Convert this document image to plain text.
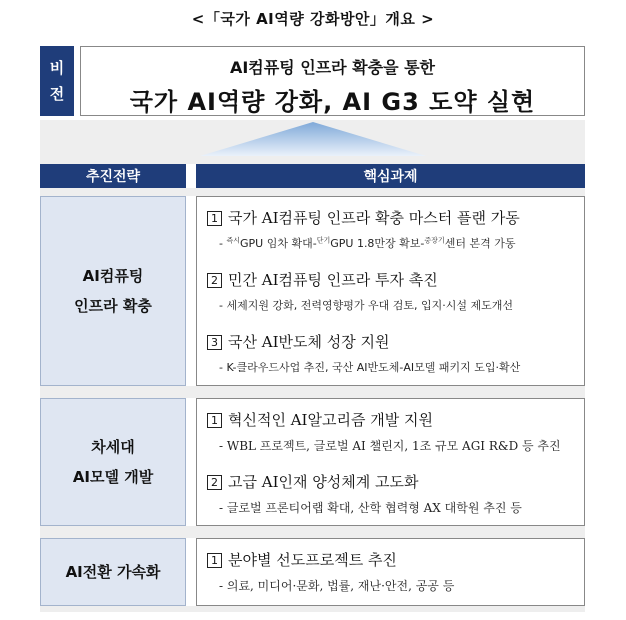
<「국가 AI역량 강화방안」개요 >
비
전
AI컴퓨팅 인프라 확충을 통한
국가 AI역량 강화, AI G3 도약 실현
추진전략	핵심과제
AI컴퓨팅
인프라 확충
1 국가 AI컴퓨팅 인프라 확충 마스터 플랜 가동
- $^{즉시}$GPU 임차 확대-$^{단기}$GPU 1.8만장 확보-$^{중장기}$센터 본격 가동
2 민간 AI컴퓨팅 인프라 투자 촉진
- 세제지원 강화, 전력영향평가 우대 검토, 입지·시설 제도개선
3 국산 AI반도체 성장 지원
- K-클라우드사업 추진, 국산 AI반도체-AI모델 패키지 도입·확산
차세대
AI모델 개발
1 혁신적인 AI알고리즘 개발 지원
- WBL 프로젝트, 글로벌 AI 챌린지, 1조 규모 AGI R&D 등 추진
2 고급 AI인재 양성체계 고도화
- 글로벌 프론티어랩 확대, 산학 협력형 AX 대학원 추진 등
AI전환 가속화
1 분야별 선도프로젝트 추진
- 의료, 미디어·문화, 법률, 재난·안전, 공공 등
